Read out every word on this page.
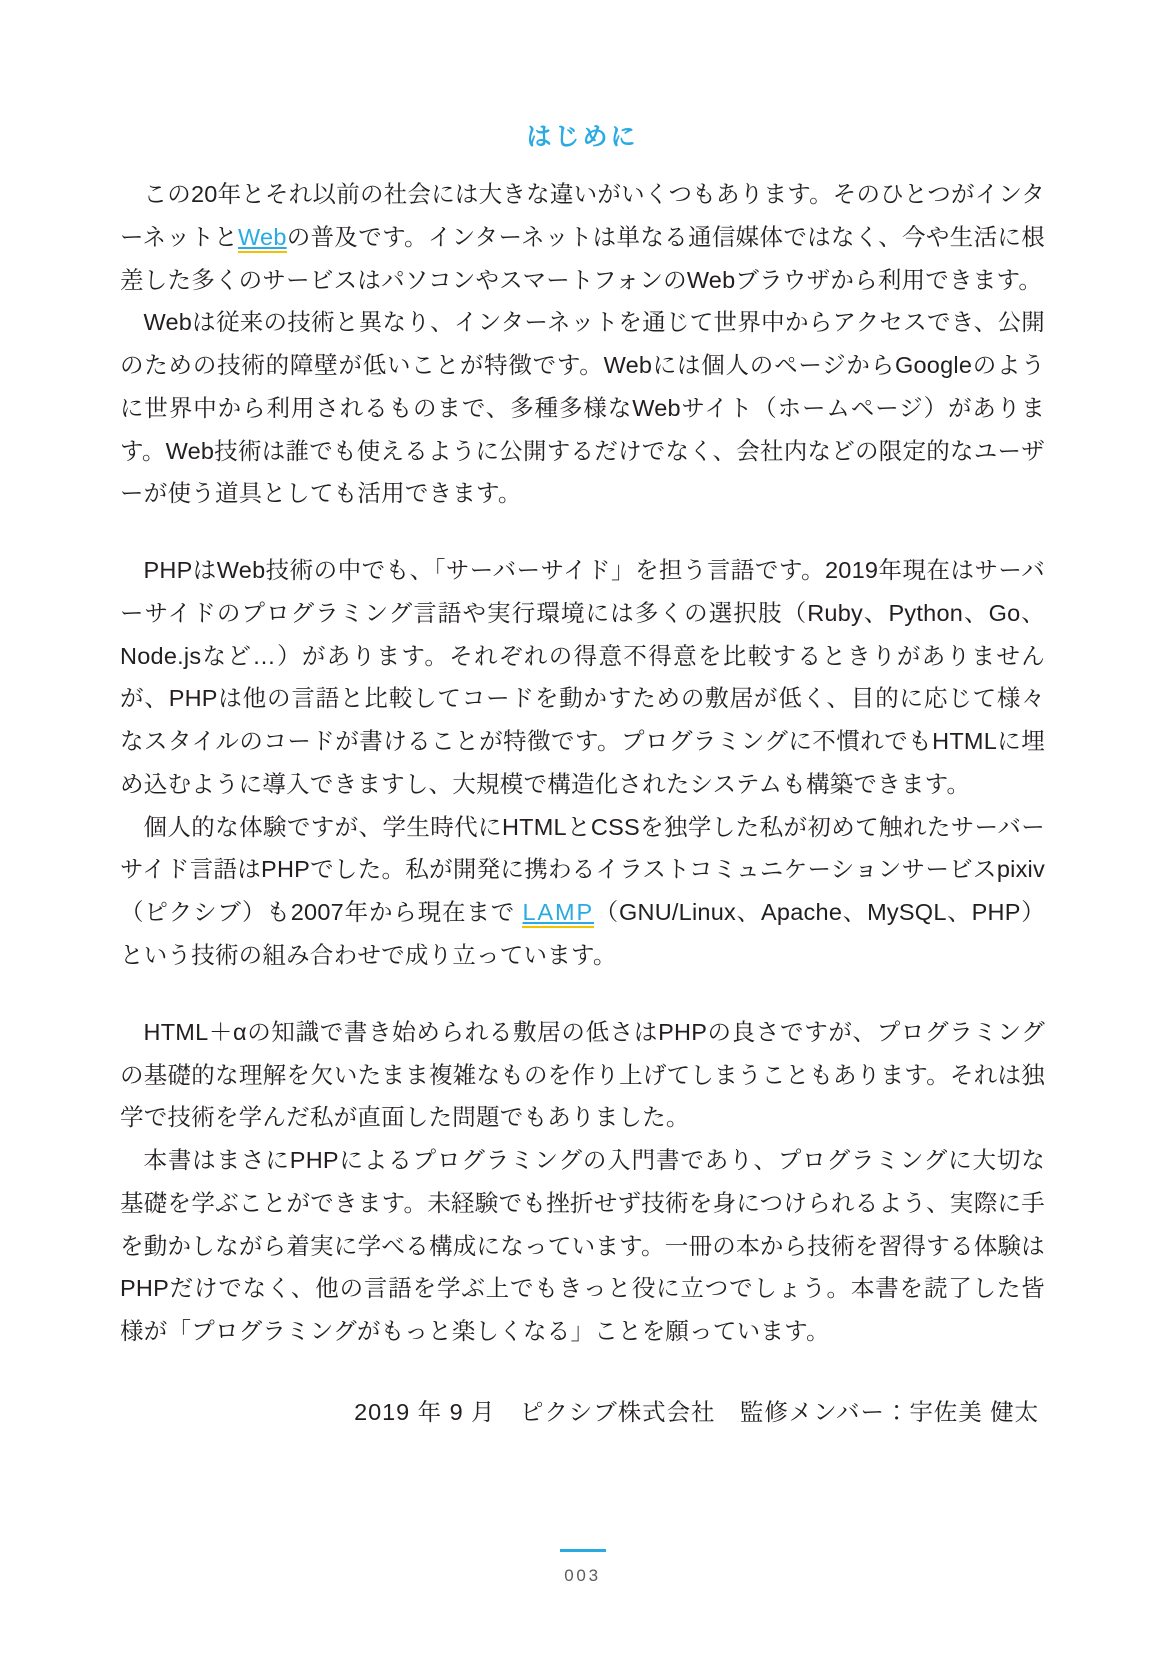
はじめに

この20年とそれ以前の社会には大きな違いがいくつもあります。そのひとつがインターネットとWebの普及です。インターネットは単なる通信媒体ではなく、今や生活に根差した多くのサービスはパソコンやスマートフォンのWebブラウザから利用できます。

Webは従来の技術と異なり、インターネットを通じて世界中からアクセスでき、公開のための技術的障壁が低いことが特徴です。Webには個人のページからGoogleのように世界中から利用されるものまで、多種多様なWebサイト（ホームページ）があります。Web技術は誰でも使えるように公開するだけでなく、会社内などの限定的なユーザーが使う道具としても活用できます。

PHPはWeb技術の中でも、「サーバーサイド」を担う言語です。2019年現在はサーバーサイドのプログラミング言語や実行環境には多くの選択肢（Ruby、Python、Go、Node.jsなど…）があります。それぞれの得意不得意を比較するときりがありませんが、PHPは他の言語と比較してコードを動かすための敷居が低く、目的に応じて様々なスタイルのコードが書けることが特徴です。プログラミングに不慣れでもHTMLに埋め込むように導入できますし、大規模で構造化されたシステムも構築できます。

個人的な体験ですが、学生時代にHTMLとCSSを独学した私が初めて触れたサーバーサイド言語はPHPでした。私が開発に携わるイラストコミュニケーションサービスpixiv（ピクシブ）も2007年から現在まで LAMP（GNU/Linux、Apache、MySQL、PHP）という技術の組み合わせで成り立っています。

HTML＋αの知識で書き始められる敷居の低さはPHPの良さですが、プログラミングの基礎的な理解を欠いたまま複雑なものを作り上げてしまうこともあります。それは独学で技術を学んだ私が直面した問題でもありました。

本書はまさにPHPによるプログラミングの入門書であり、プログラミングに大切な基礎を学ぶことができます。未経験でも挫折せず技術を身につけられるよう、実際に手を動かしながら着実に学べる構成になっています。一冊の本から技術を習得する体験はPHPだけでなく、他の言語を学ぶ上でもきっと役に立つでしょう。本書を読了した皆様が「プログラミングがもっと楽しくなる」ことを願っています。

2019 年 9 月　ピクシブ株式会社　監修メンバー：宇佐美 健太
003
